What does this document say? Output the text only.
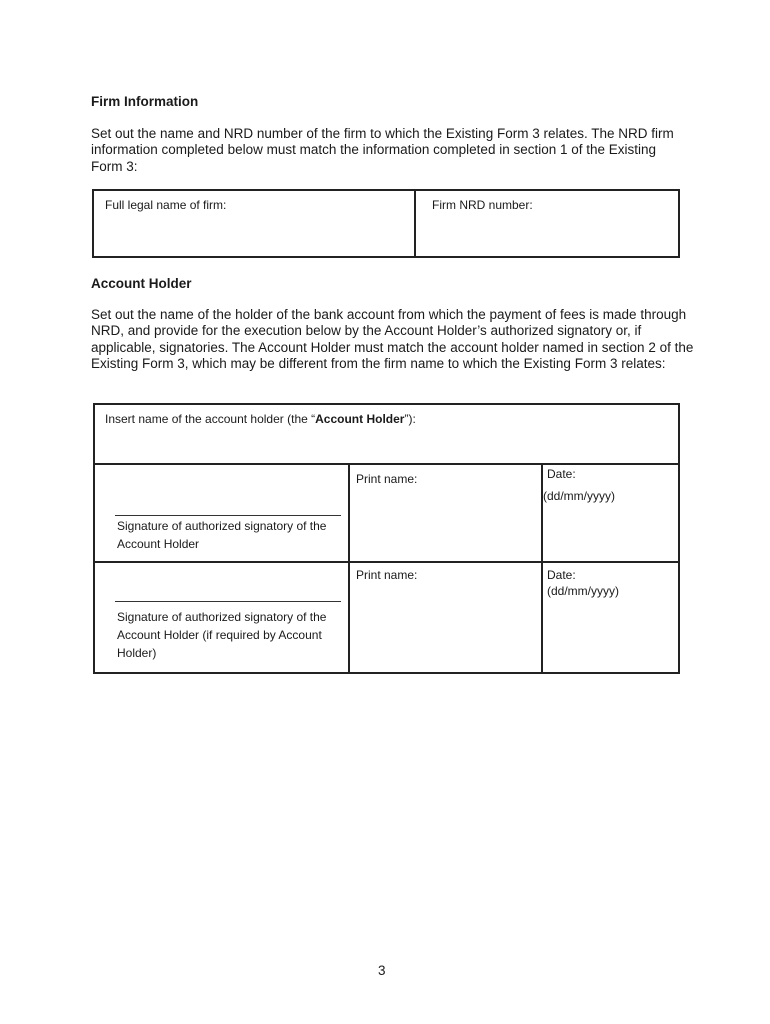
Firm Information
Set out the name and NRD number of the firm to which the Existing Form 3 relates. The NRD firm information completed below must match the information completed in section 1 of the Existing Form 3:
Full legal name of firm:	Firm NRD number:
Account Holder
Set out the name of the holder of the bank account from which the payment of fees is made through NRD, and provide for the execution below by the Account Holder’s authorized signatory or, if applicable, signatories. The Account Holder must match the account holder named in section 2 of the Existing Form 3, which may be different from the firm name to which the Existing Form 3 relates:
Insert name of the account holder (the “Account Holder”):
Signature of authorized signatory of the Account Holder
Print name:	Date:
(dd/mm/yyyy)
Signature of authorized signatory of the Account Holder (if required by Account Holder)
Print name:	Date:
(dd/mm/yyyy)
3
